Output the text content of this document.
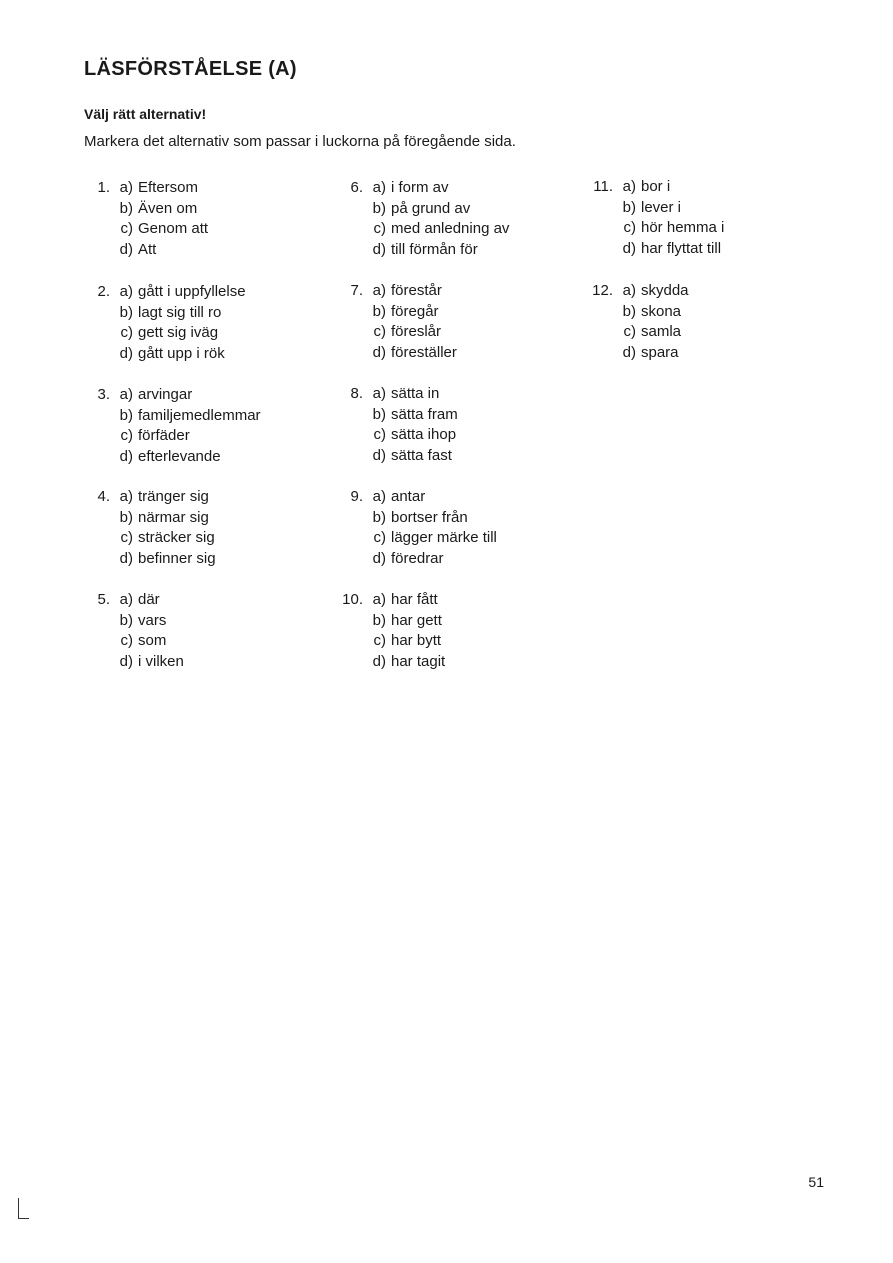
LÄSFÖRSTÅELSE (A)
Välj rätt alternativ!
Markera det alternativ som passar i luckorna på föregående sida.
1. a) Eftersom
b) Även om
c) Genom att
d) Att
2. a) gått i uppfyllelse
b) lagt sig till ro
c) gett sig iväg
d) gått upp i rök
3. a) arvingar
b) familjemedlemmar
c) förfäder
d) efterlevande
4. a) tränger sig
b) närmar sig
c) sträcker sig
d) befinner sig
5. a) där
b) vars
c) som
d) i vilken
6. a) i form av
b) på grund av
c) med anledning av
d) till förmån för
7. a) förestår
b) föregår
c) föreslår
d) föreställer
8. a) sätta in
b) sätta fram
c) sätta ihop
d) sätta fast
9. a) antar
b) bortser från
c) lägger märke till
d) föredrar
10. a) har fått
b) har gett
c) har bytt
d) har tagit
11. a) bor i
b) lever i
c) hör hemma i
d) har flyttat till
12. a) skydda
b) skona
c) samla
d) spara
51
